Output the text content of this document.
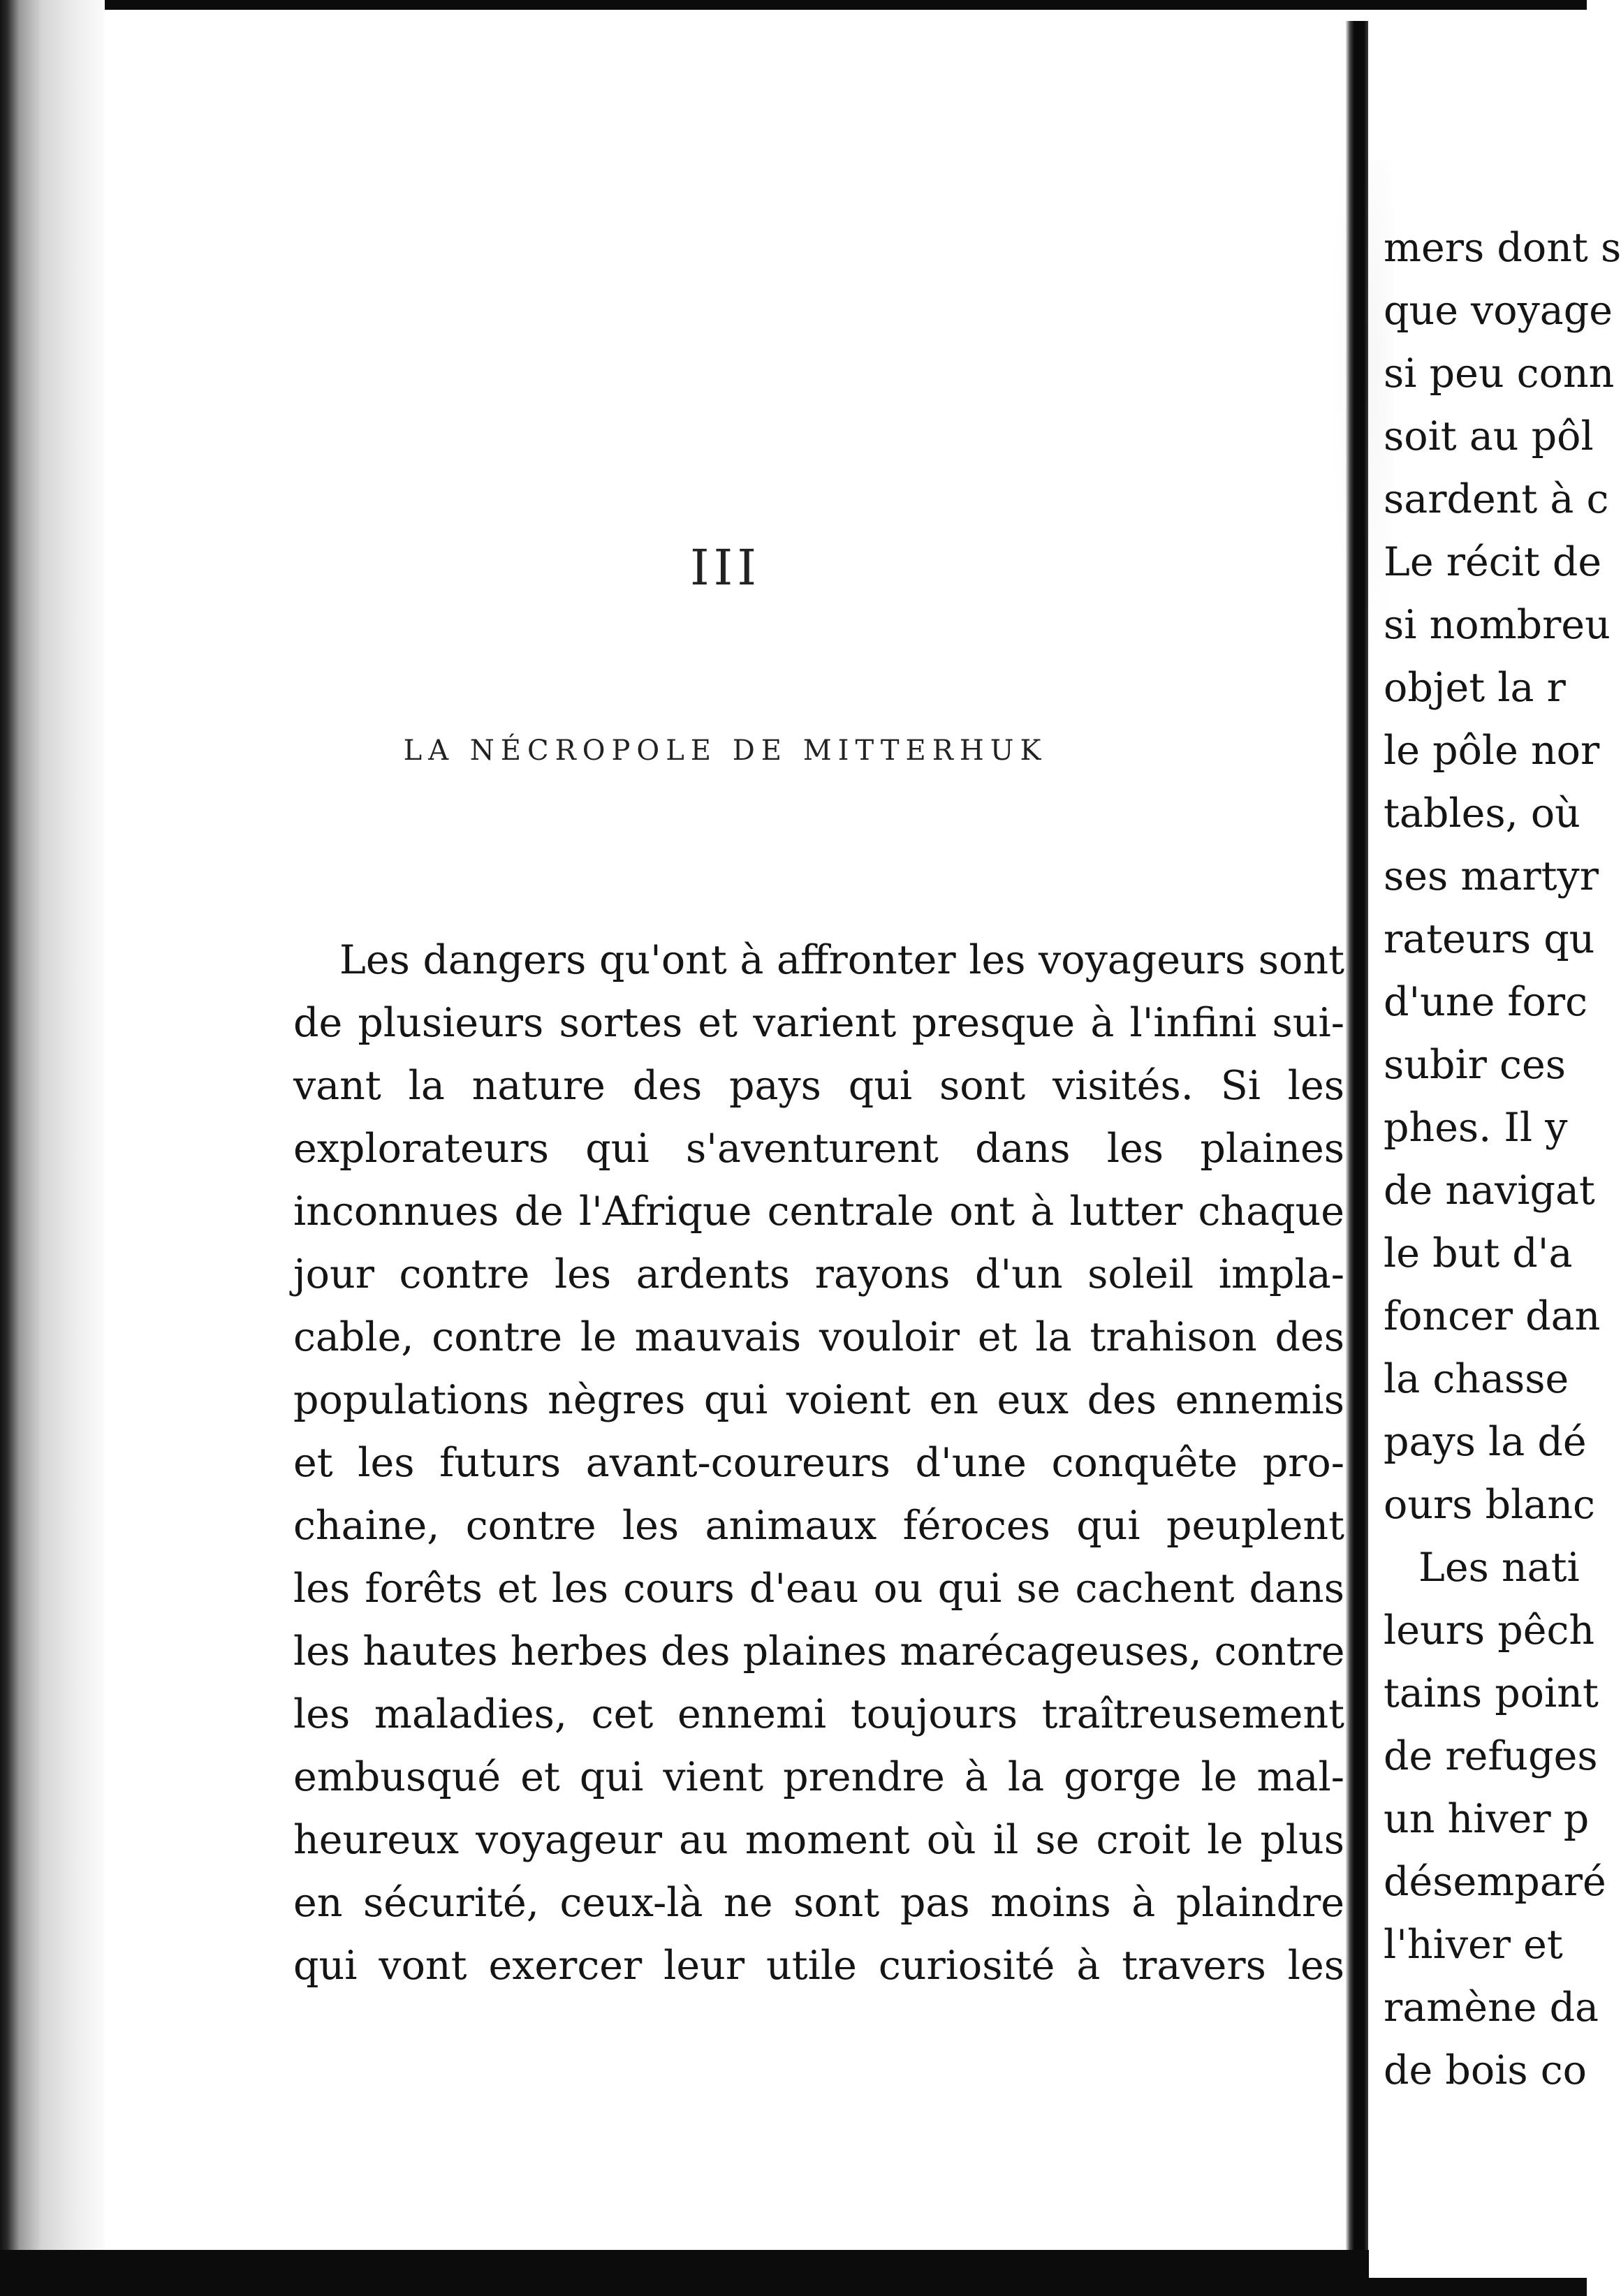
III
LA NÉCROPOLE DE MITTERHUK
Les dangers qu'ont à affronter les voyageurs sont
de plusieurs sortes et varient presque à l'infini sui-
vant la nature des pays qui sont visités. Si les
explorateurs qui s'aventurent dans les plaines
inconnues de l'Afrique centrale ont à lutter chaque
jour contre les ardents rayons d'un soleil impla-
cable, contre le mauvais vouloir et la trahison des
populations nègres qui voient en eux des ennemis
et les futurs avant-coureurs d'une conquête pro-
chaine, contre les animaux féroces qui peuplent
les forêts et les cours d'eau ou qui se cachent dans
les hautes herbes des plaines marécageuses, contre
les maladies, cet ennemi toujours traîtreusement
embusqué et qui vient prendre à la gorge le mal-
heureux voyageur au moment où il se croit le plus
en sécurité, ceux-là ne sont pas moins à plaindre
qui vont exercer leur utile curiosité à travers les
mers dont s
que voyage
si peu conn
soit au pôl
sardent à c
Le récit de
si nombreu
objet la r
le pôle nor
tables, où
ses martyr
rateurs qu
d'une forc
subir ces
phes. Il y
de navigat
le but d'a
foncer dan
la chasse
pays la dé
ours blanc
Les nati
leurs pêch
tains point
de refuges
un hiver p
désemparé
l'hiver et
ramène da
de bois co
